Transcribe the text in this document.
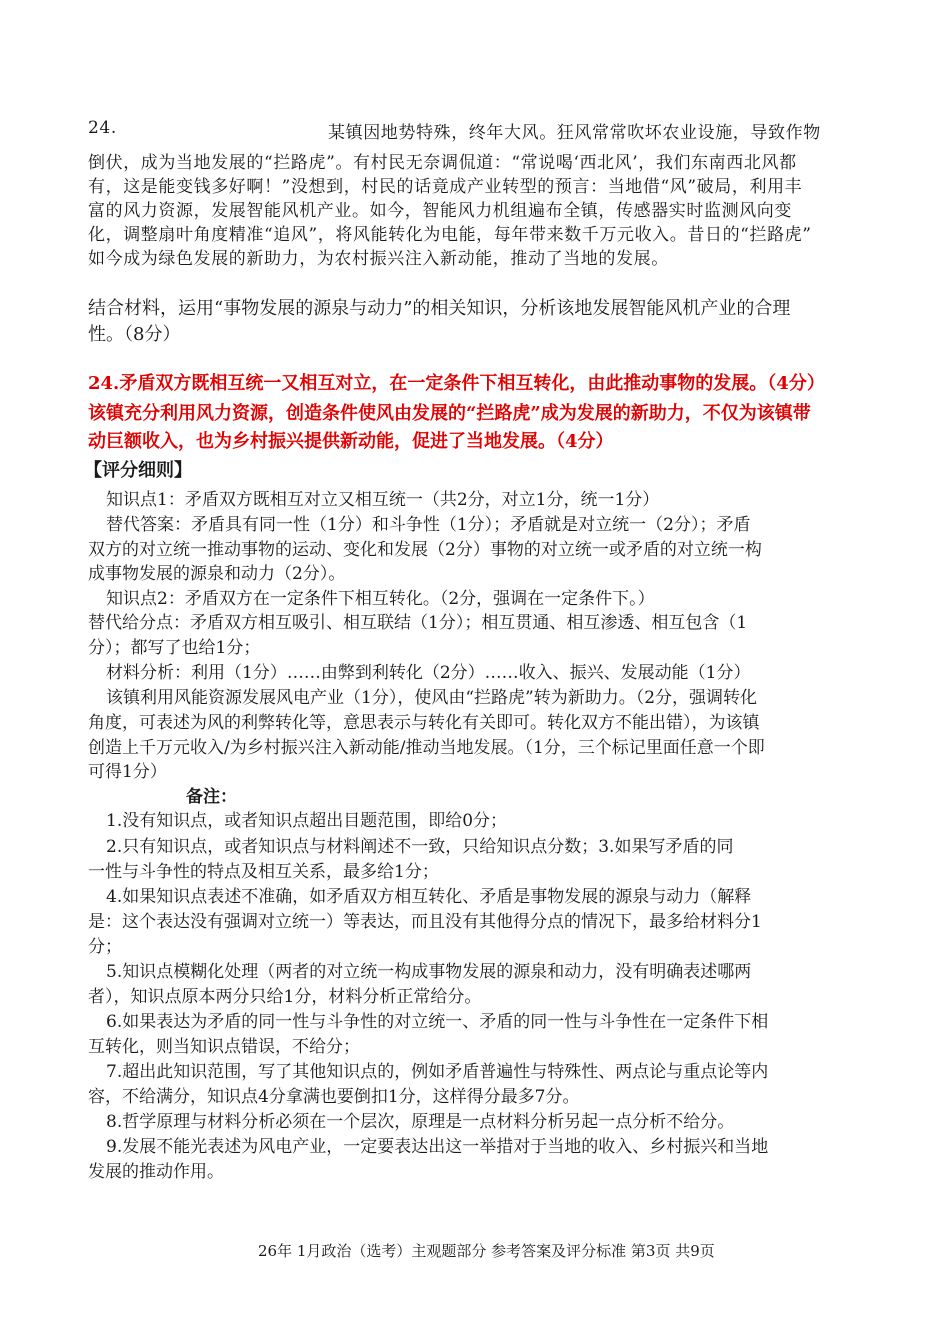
24.	某镇因地势特殊，终年大风。狂风常常吹坏农业设施，导致作物
倒伏，成为当地发展的“拦路虎”。有村民无奈调侃道：“常说喝‘西北风’，我们东南西北风都
有，这是能变钱多好啊！”没想到，村民的话竟成产业转型的预言：当地借“风”破局，利用丰
富的风力资源，发展智能风机产业。如今，智能风力机组遍布全镇，传感器实时监测风向变
化，调整扇叶角度精准“追风”，将风能转化为电能，每年带来数千万元收入。昔日的“拦路虎”
如今成为绿色发展的新助力，为农村振兴注入新动能，推动了当地的发展。
结合材料，运用“事物发展的源泉与动力”的相关知识，分析该地发展智能风机产业的合理
性。（8分）
24.矛盾双方既相互统一又相互对立，在一定条件下相互转化，由此推动事物的发展。（4分）
该镇充分利用风力资源，创造条件使风由发展的“拦路虎”成为发展的新助力，不仅为该镇带
动巨额收入，也为乡村振兴提供新动能，促进了当地发展。（4分）
【评分细则】
知识点1：矛盾双方既相互对立又相互统一（共2分，对立1分，统一1分）
替代答案：矛盾具有同一性（1分）和斗争性（1分）；矛盾就是对立统一（2分）；矛盾
双方的对立统一推动事物的运动、变化和发展（2分）事物的对立统一或矛盾的对立统一构
成事物发展的源泉和动力（2分）。
知识点2：矛盾双方在一定条件下相互转化。（2分，强调在一定条件下。）
替代给分点：矛盾双方相互吸引、相互联结（1分）；相互贯通、相互渗透、相互包含（1
分）；都写了也给1分；
材料分析：利用（1分）……由弊到利转化（2分）……收入、振兴、发展动能（1分）
该镇利用风能资源发展风电产业（1分），使风由“拦路虎”转为新助力。（2分，强调转化
角度，可表述为风的利弊转化等，意思表示与转化有关即可。转化双方不能出错），为该镇
创造上千万元收入/为乡村振兴注入新动能/推动当地发展。（1分，三个标记里面任意一个即
可得1分）
备注：
1.没有知识点，或者知识点超出目题范围，即给0分；
2.只有知识点，或者知识点与材料阐述不一致，只给知识点分数；3.如果写矛盾的同
一性与斗争性的特点及相互关系，最多给1分；
4.如果知识点表述不准确，如矛盾双方相互转化、矛盾是事物发展的源泉与动力（解释
是：这个表达没有强调对立统一）等表达，而且没有其他得分点的情况下，最多给材料分1
分；
5.知识点模糊化处理（两者的对立统一构成事物发展的源泉和动力，没有明确表述哪两
者），知识点原本两分只给1分，材料分析正常给分。
6.如果表达为矛盾的同一性与斗争性的对立统一、矛盾的同一性与斗争性在一定条件下相
互转化，则当知识点错误，不给分；
7.超出此知识范围，写了其他知识点的，例如矛盾普遍性与特殊性、两点论与重点论等内
容，不给满分，知识点4分拿满也要倒扣1分，这样得分最多7分。
8.哲学原理与材料分析必须在一个层次，原理是一点材料分析另起一点分析不给分。
9.发展不能光表述为风电产业，一定要表达出这一举措对于当地的收入、乡村振兴和当地
发展的推动作用。
26年 1月政治（选考）主观题部分 参考答案及评分标准 第3页 共9页
